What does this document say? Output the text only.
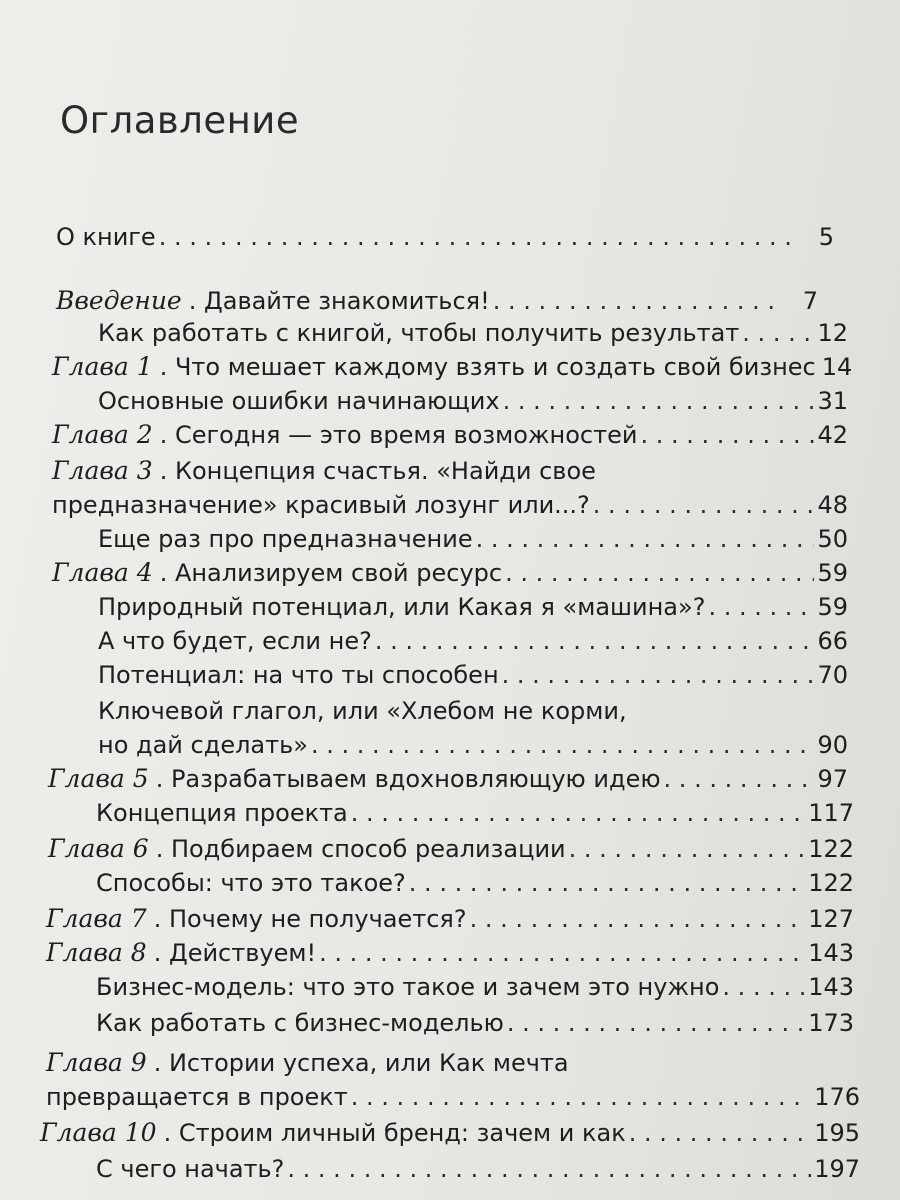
Оглавление
О книге . . .	5
Введение . Давайте знакомиться! . . .	7
Как работать с книгой, чтобы получить результат . . .	12
Глава 1 . Что мешает каждому взять и создать свой бизнес 14
Основные ошибки начинающих . . .	31
Глава 2 . Сегодня — это время возможностей . . .	42
Глава 3 . Концепция счастья. «Найди свое
предназначение» красивый лозунг или...? . . .	48
Еще раз про предназначение . . .	50
Глава 4 . Анализируем свой ресурс . . .	59
Природный потенциал, или Какая я «машина»? . . .	59
А что будет, если не? . . .	66
Потенциал: на что ты способен . . .	70
Ключевой глагол, или «Хлебом не корми,
но дай сделать» . . .	90
Глава 5 . Разрабатываем вдохновляющую идею . . .	97
Концепция проекта . . .	117
Глава 6 . Подбираем способ реализации . . .	122
Способы: что это такое? . . .	122
Глава 7 . Почему не получается? . . .	127
Глава 8 . Действуем! . . .	143
Бизнес-модель: что это такое и зачем это нужно . . .	143
Как работать с бизнес-моделью . . .	173
Глава 9 . Истории успеха, или Как мечта
превращается в проект . . .	176
Глава 10 . Строим личный бренд: зачем и как . . .	195
С чего начать? . . .	197
